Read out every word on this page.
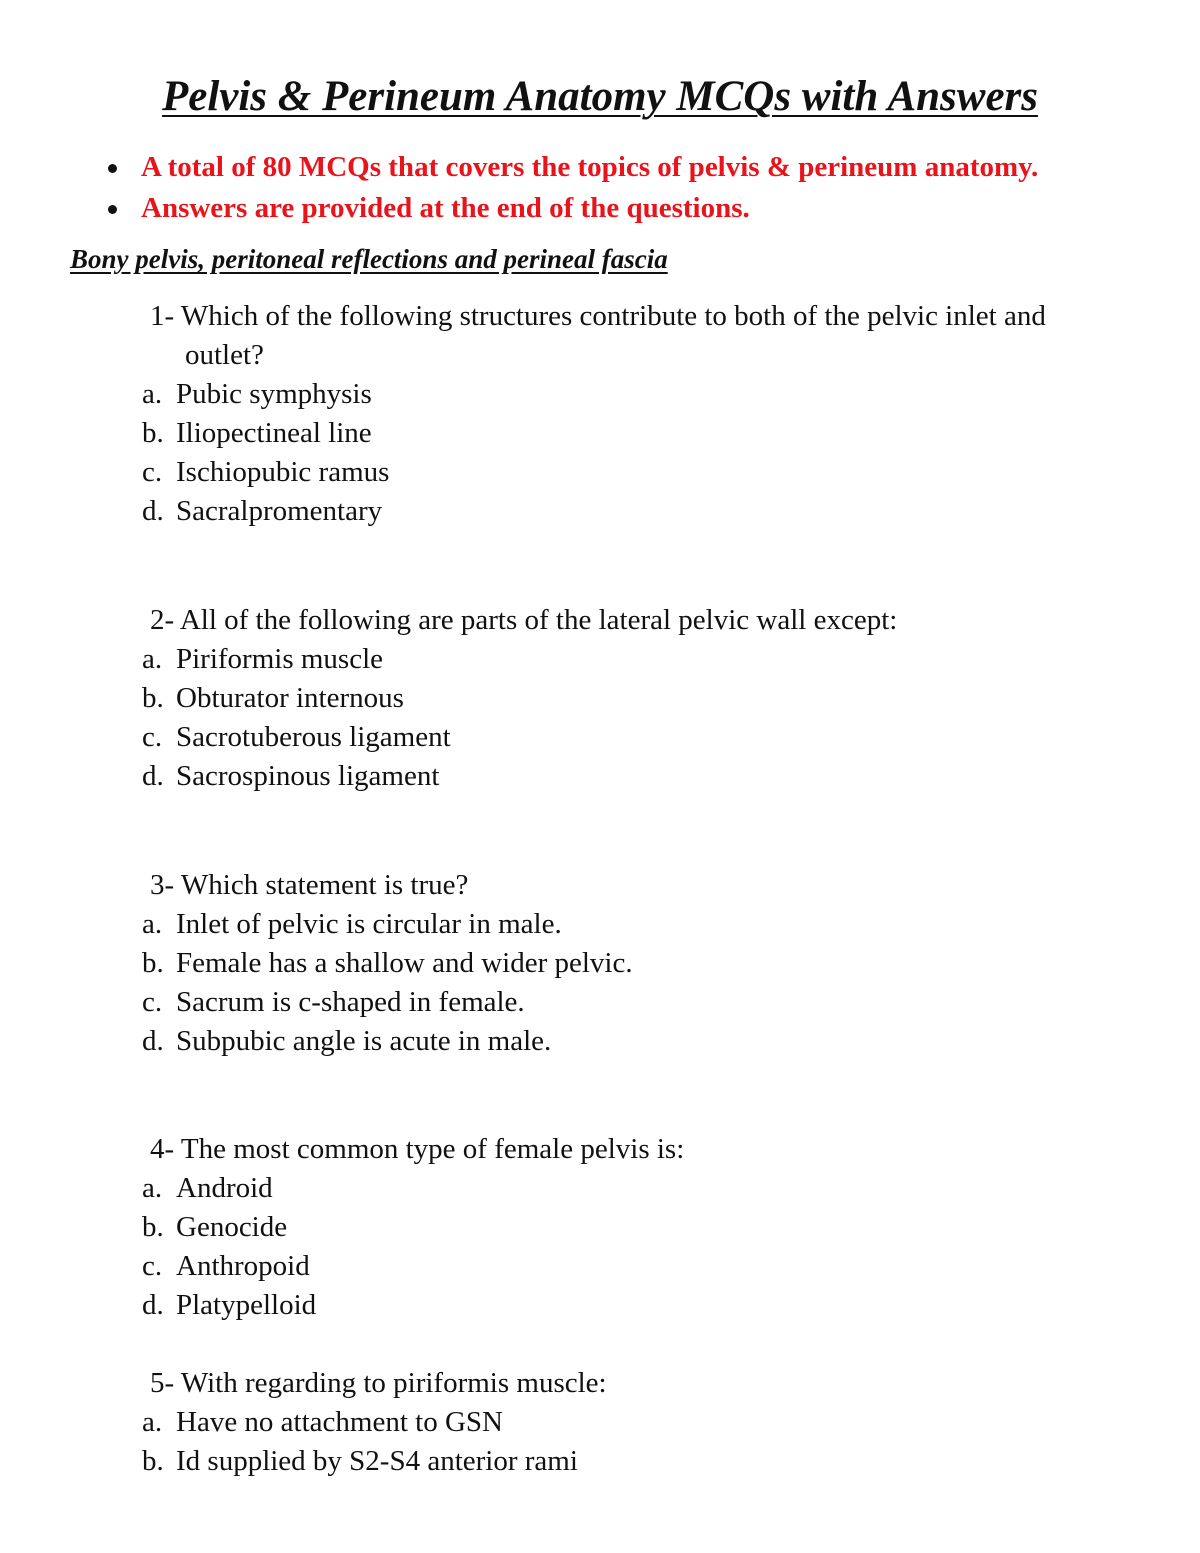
Pelvis & Perineum Anatomy MCQs with Answers
A total of 80 MCQs that covers the topics of pelvis & perineum anatomy.
Answers are provided at the end of the questions.
Bony pelvis, peritoneal reflections and perineal fascia
1- Which of the following structures contribute to both of the pelvic inlet and
outlet?
a. Pubic symphysis
b. Iliopectineal line
c. Ischiopubic ramus
d. Sacralpromentary
2- All of the following are parts of the lateral pelvic wall except:
a. Piriformis muscle
b. Obturator internous
c. Sacrotuberous ligament
d. Sacrospinous ligament
3- Which statement is true?
a. Inlet of pelvic is circular in male.
b. Female has a shallow and wider pelvic.
c. Sacrum is c-shaped in female.
d. Subpubic angle is acute in male.
4- The most common type of female pelvis is:
a. Android
b. Genocide
c. Anthropoid
d. Platypelloid
5- With regarding to piriformis muscle:
a. Have no attachment to GSN
b. Id supplied by S2-S4 anterior rami
